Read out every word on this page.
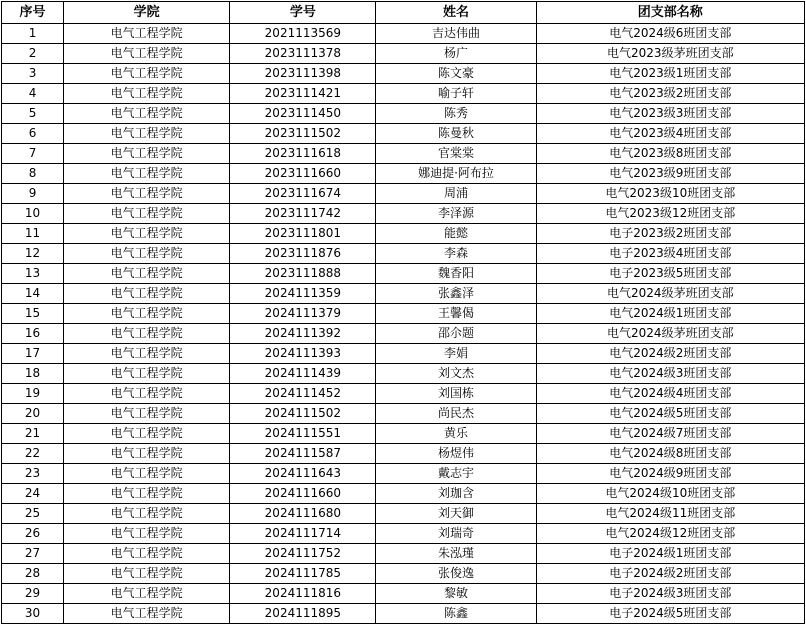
序号	学院	学号	姓名	团支部名称
1	电气工程学院	2021113569	吉达伟曲	电气2024级6班团支部
2	电气工程学院	2023111378	杨广	电气2023级茅班团支部
3	电气工程学院	2023111398	陈文豪	电气2023级1班团支部
4	电气工程学院	2023111421	喻子轩	电气2023级2班团支部
5	电气工程学院	2023111450	陈秀	电气2023级3班团支部
6	电气工程学院	2023111502	陈曼秋	电气2023级4班团支部
7	电气工程学院	2023111618	官棠棠	电气2023级8班团支部
8	电气工程学院	2023111660	娜迪提·阿布拉	电气2023级9班团支部
9	电气工程学院	2023111674	周浦	电气2023级10班团支部
10	电气工程学院	2023111742	李泽源	电气2023级12班团支部
11	电气工程学院	2023111801	能懿	电子2023级2班团支部
12	电气工程学院	2023111876	李森	电子2023级4班团支部
13	电气工程学院	2023111888	魏香阳	电子2023级5班团支部
14	电气工程学院	2024111359	张鑫泽	电气2024级茅班团支部
15	电气工程学院	2024111379	王馨偈	电气2024级1班团支部
16	电气工程学院	2024111392	邵尒题	电气2024级茅班团支部
17	电气工程学院	2024111393	李娟	电气2024级2班团支部
18	电气工程学院	2024111439	刘文杰	电气2024级3班团支部
19	电气工程学院	2024111452	刘国栋	电气2024级4班团支部
20	电气工程学院	2024111502	尚民杰	电气2024级5班团支部
21	电气工程学院	2024111551	黄乐	电气2024级7班团支部
22	电气工程学院	2024111587	杨煜伟	电气2024级8班团支部
23	电气工程学院	2024111643	戴志宇	电气2024级9班团支部
24	电气工程学院	2024111660	刘珈含	电气2024级10班团支部
25	电气工程学院	2024111680	刘天御	电气2024级11班团支部
26	电气工程学院	2024111714	刘瑞奇	电气2024级12班团支部
27	电气工程学院	2024111752	朱泓瑾	电子2024级1班团支部
28	电气工程学院	2024111785	张俊逸	电子2024级2班团支部
29	电气工程学院	2024111816	黎敏	电子2024级3班团支部
30	电气工程学院	2024111895	陈鑫	电子2024级5班团支部
